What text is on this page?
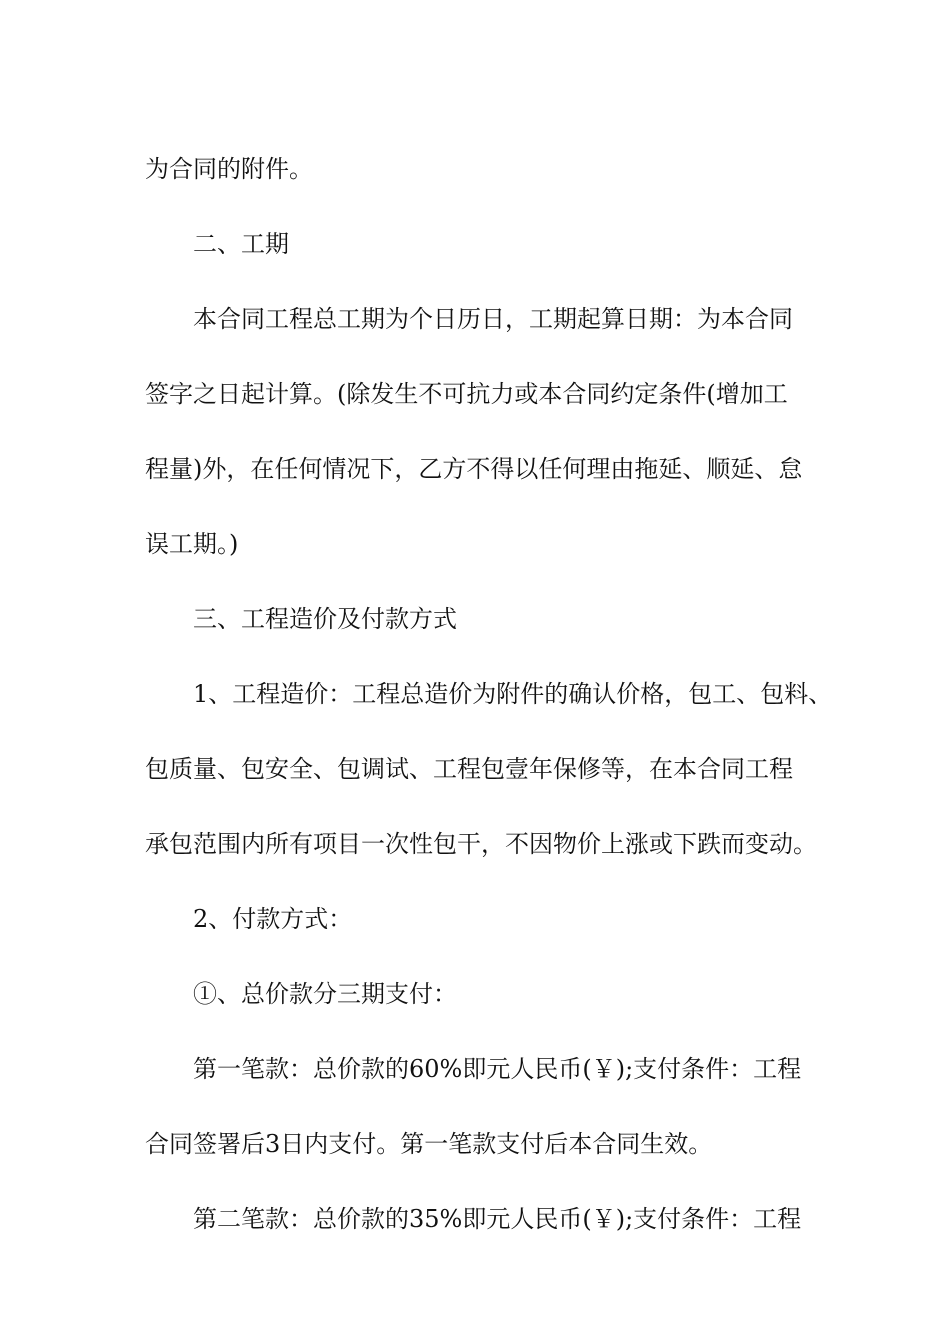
为合同的附件。

二、工期

本合同工程总工期为个日历日，工期起算日期：为本合同

签字之日起计算。(除发生不可抗力或本合同约定条件(增加工

程量)外，在任何情况下，乙方不得以任何理由拖延、顺延、怠

误工期。)

三、工程造价及付款方式

1、工程造价：工程总造价为附件的确认价格，包工、包料、

包质量、包安全、包调试、工程包壹年保修等，在本合同工程

承包范围内所有项目一次性包干，不因物价上涨或下跌而变动。

2、付款方式：

①、总价款分三期支付：

第一笔款：总价款的60%即元人民币(￥);支付条件：工程

合同签署后3日内支付。第一笔款支付后本合同生效。

第二笔款：总价款的35%即元人民币(￥);支付条件：工程
